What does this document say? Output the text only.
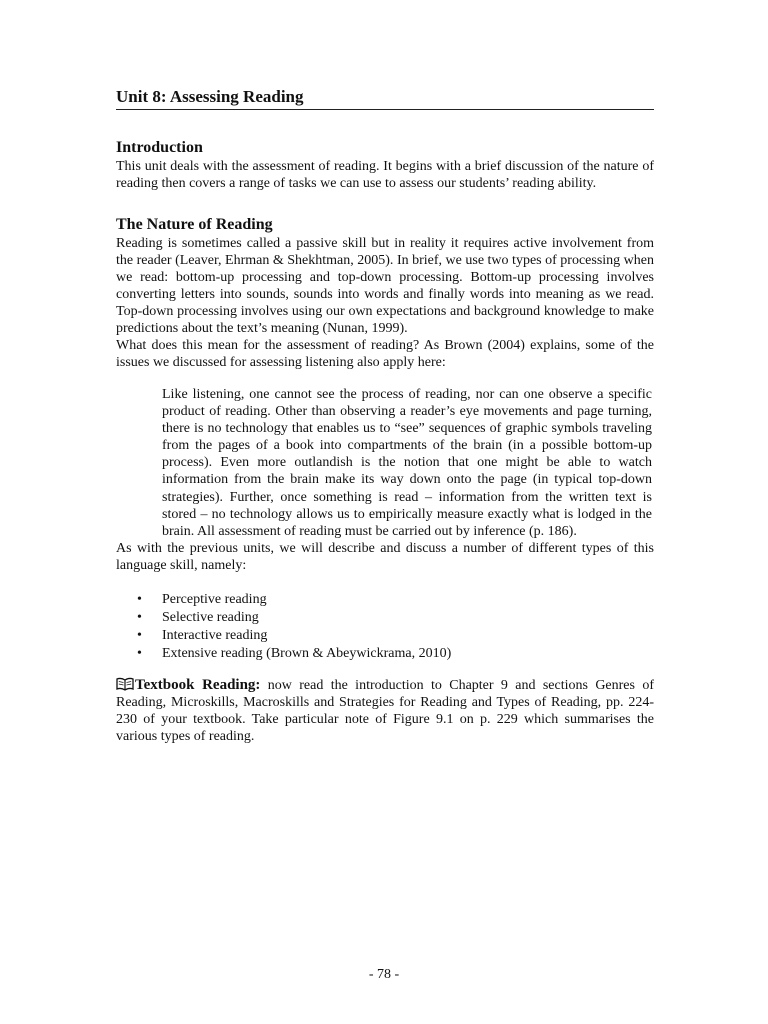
Unit 8: Assessing Reading
Introduction

This unit deals with the assessment of reading. It begins with a brief discussion of the nature of reading then covers a range of tasks we can use to assess our students’ reading ability.

The Nature of Reading

Reading is sometimes called a passive skill but in reality it requires active involvement from the reader (Leaver, Ehrman & Shekhtman, 2005). In brief, we use two types of processing when we read: bottom-up processing and top-down processing. Bottom-up processing involves converting letters into sounds, sounds into words and finally words into meaning as we read. Top-down processing involves using our own expectations and background knowledge to make predictions about the text’s meaning (Nunan, 1999).

What does this mean for the assessment of reading? As Brown (2004) explains, some of the issues we discussed for assessing listening also apply here:

Like listening, one cannot see the process of reading, nor can one observe a specific product of reading. Other than observing a reader’s eye movements and page turning, there is no technology that enables us to “see” sequences of graphic symbols traveling from the pages of a book into compartments of the brain (in a possible bottom-up process). Even more outlandish is the notion that one might be able to watch information from the brain make its way down onto the page (in typical top-down strategies). Further, once something is read – information from the written text is stored – no technology allows us to empirically measure exactly what is lodged in the brain. All assessment of reading must be carried out by inference (p. 186).

As with the previous units, we will describe and discuss a number of different types of this language skill, namely:

• Perceptive reading
• Selective reading
• Interactive reading
• Extensive reading (Brown & Abeywickrama, 2010)

Textbook Reading: now read the introduction to Chapter 9 and sections Genres of Reading, Microskills, Macroskills and Strategies for Reading and Types of Reading, pp. 224-230 of your textbook. Take particular note of Figure 9.1 on p. 229 which summarises the various types of reading.

- 78 -
